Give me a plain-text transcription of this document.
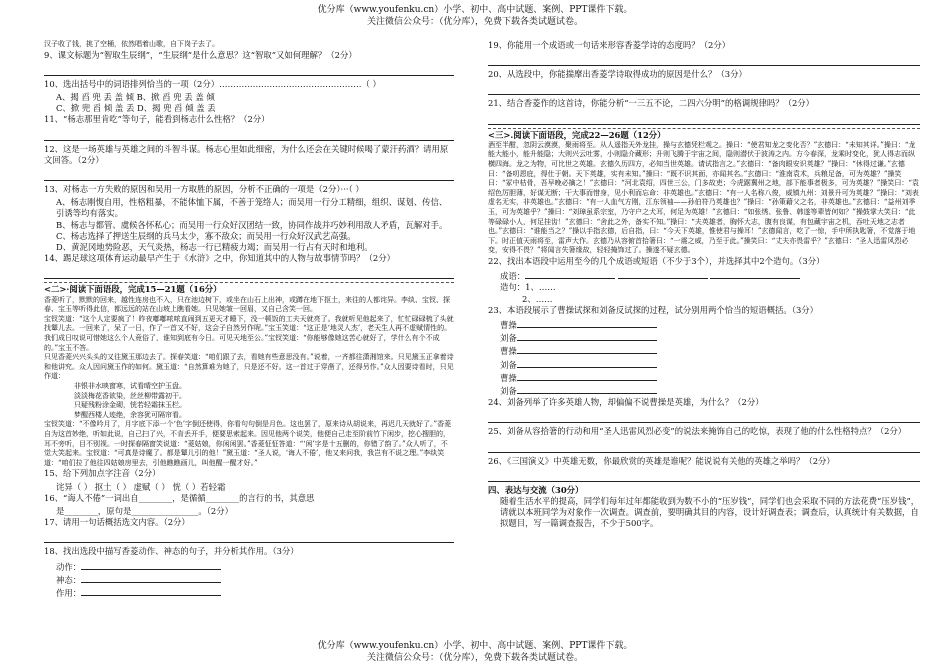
优分库（www.youfenku.cn）小学、初中、高中试题、案例、PPT课件下载。

关注微信公众号：（优分库），免费下载各类试题试卷。

汉子收了钱，挑了空桶，依然唱着山歌，自下岗子去了。

9、课文标题为“智取生辰纲”，“生辰纲”是什么意思？这“智取”又如何理解？（2分）

10、选出括号中的词语排列恰当的一项（2分）……………………………………………（ ）

A、揭 舀 兜 丢 盖 倾 B、掀 舀 兜 丢 盖 倾

C、掀 兜 舀 倾 盖 丢 D、揭 兜 舀 倾 盖 丢

11、“杨志那里肯吃”等句子，能看到杨志什么性格？（2分）

12、这是一场英雄与英雄之间的斗智斗谋。杨志心里如此细密，为什么还会在关键时候喝了蒙汗药酒？请用原文回答。（2分）

13、对杨志一方失败的原因和吴用一方取胜的原因，分析不正确的一项是（2分）···（ ）

A、杨志刚愎自用，性格粗暴，不能体恤下属，不善于笼络人；而吴用一行分工精细，组织、谋划、传信、引诱等均有落实。

B、杨志与都管、虞候各怀私心；而吴用一行众好汉团结一致，协同作战并巧妙利用敌人矛盾，瓦解对手。

C、杨志选择了押送生辰纲的兵马太少，寡不敌众；而吴用一行众好汉武艺高强。

D、黄泥冈地势险恶，天气炎热，杨志一行已精疲力竭；而吴用一行占有天时和地利。

14、踢足球这项体育运动最早产生于《水浒》之中，你知道其中的人物与故事情节吗？（2分）

<二>·阅读下面语段，完成15—21题（16分）

香菱听了，默默的回来，越性连房也不入，只在池边树下，或坐在山石上出神，或蹲在地下抠土，来往的人都诧异。李纨、宝钗、探春、宝玉等听得此信，都远远的站在山坡上瞧看她。只见她皱一回眉，又自己含笑一回。

宝钗笑道：“这个人定要疯了！昨夜嘟嘟哝哝直闹到五更天才睡下，没一顿饭的工夫天就亮了。我就听见他起来了，忙忙碌碌梳了头就找颦儿去。一回来了，呆了一日，作了一首又不好，这会子自然另作呢。”宝玉笑道：“这正是‘地灵人杰’，老天生人再不虚赋情性的。我们成日叹说可惜她这么个人竟俗了，谁知到底有今日。可见天地至公。”宝钗笑道：“你能够像她这苦心就好了，学什么有个不成的。”宝玉不答。

只见香菱兴兴头头的又往黛玉那边去了。探春笑道：“咱们跟了去，看她有些意思没有。”说着，一齐都往潇湘馆来。只见黛玉正拿着诗和他讲究。众人因问黛玉作的如何。黛玉道：“自然算难为她了，只是还不好。这一首过于穿凿了，还得另作。”众人因要诗看时，只见作道：

非银非水映窗寒，试看晴空护玉盘。

淡淡梅花香欲染，丝丝柳带露初干。

只疑残粉涂金砌，恍若轻霜抹玉栏。

梦醒西楼人迹绝，余容犹可隔帘看。

宝钗笑道：“不像吟月了，月字底下添一个‘色’字倒还使得，你看句句倒是月色。这也罢了，原来诗从胡说来，再迟几天就好了。”香菱自为这首妙绝，听如此说，自己扫了兴，不肯丢开手，便要思索起来。因见他两个说笑，他便自己走至阶前竹下闲步，挖心搜胆的，耳不旁听，目不别视。一时探春隔窗笑说道：“菱姑娘，你闲闲罢。”香菱怔怔答道：“‘闲’字是十五删的，你错了韵了。”众人听了，不觉大笑起来。宝钗道：“可真是诗魔了。都是颦儿引的他！”黛玉道：“圣人说，‘诲人不倦’，他又来问我，我岂有不说之理。”李纨笑道：“咱们拉了他往四姑娘房里去，引他瞧瞧画儿，叫他醒一醒才好。”

15、给下列加点字注音（2分）

诧异（ ） 抠土（ ） 虚赋（ ） 恍（ ）若轻霜

16、“诲人不倦”一词出自________，是循循________的言行的书，其意思

是________，原句是________________。（2分）

17、请用一句话概括选文内容。（2分）

18、找出选段中描写香菱动作、神态的句子，并分析其作用。（3分）

动作：

神态：

作用：

19、你能用一个成语或一句话来形容香菱学诗的态度吗？（2分）

20、从选段中，你能揣摩出香菱学诗取得成功的原因是什么？（3分）

21、结合香菱作的这首诗，你能分析“一三五不论，二四六分明”的格调规律吗？（2分）

<三>.阅读下面语段，完成22—26题（12分）

酒至半酣，忽阴云漠漠，聚雨将至。从人遥指天外龙挂，操与玄德凭栏观之。操曰：“使君知龙之变化否？”玄德曰：“未知其详。”操曰：“龙能大能小，能升能隐；大则兴云吐雾，小则隐介藏形；升则飞腾于宇宙之间，隐则潜伏于波涛之内。方今春深，龙乘时变化，犹人得志而纵横四海。龙之为物，可比世之英雄。玄德久历四方，必知当世英雄。请试指言之。”玄德曰：“备肉眼安识英雄？”操曰：“休得过谦。”玄德曰：“备叨恩庇，得仕于朝。天下英雄，实有未知。”操曰：“既不识其面，亦闻其名。”玄德曰：“淮南袁术，兵粮足备，可为英雄？”操笑曰：“冢中枯骨，吾早晚必擒之！”玄德曰：“河北袁绍，四世三公，门多故吏；今虎踞冀州之地，部下能事者极多，可为英雄？”操笑曰：“袁绍色厉胆薄，好谋无断；干大事而惜身，见小利而忘命：非英雄也。”玄德曰：“有一人名称八俊，威镇九州：刘景升可为英雄？”操曰：“刘表虚名无实，非英雄也。”玄德曰：“有一人血气方刚，江东领袖——孙伯符乃英雄也？”操曰：“孙策藉父之名，非英雄也。”玄德曰：“益州刘季玉，可为英雄乎？”操曰：“刘璋虽系宗室，乃守户之犬耳，何足为英雄！”玄德曰：“如张绣、张鲁、韩遂等辈皆何如？”操鼓掌大笑曰：“此等碌碌小人，何足挂齿！”玄德曰：“舍此之外，备实不知。”操曰：“夫英雄者，胸怀大志，腹有良谋，有包藏宇宙之机，吞吐天地之志者也。”玄德曰：“谁能当之？”操以手指玄德，后自指，曰：“今天下英雄，惟使君与操耳！”玄德闻言，吃了一惊，手中所执匙箸，不觉落于地下。时正值天雨将至，雷声大作。玄德乃从容俯首拾箸曰：“一震之威，乃至于此。”操笑曰：“丈夫亦畏雷乎？”玄德曰：“圣人迅雷风烈必变，安得不畏？”将闻言失箸缘故，轻轻掩饰过了。操遂不疑玄德。

22、找出本语段中运用至今的几个成语或短语（不少于3个），并选择其中2个造句。（3分）

成语：

造句：1、……

2、……

23、本语段展示了曹操试探和刘备反试探的过程，试分别用两个恰当的短语概括。（3分）

曹操

刘备

曹操

刘备

曹操

刘备

24、刘备列举了许多英雄人物，却偏偏不说曹操是英雄，为什么？（2分）

25、刘备从容拾箸的行动和用“圣人迅雷风烈必变”的说法来掩饰自己的吃惊，表现了他的什么性格特点？（2分）

26、《三国演义》中英雄无数，你最欣赏的英雄是谁呢？能说说有关他的英雄之举吗？（2分）

四、表达与交流（30分）

随着生活水平的提高，同学们每年过年都能收到为数不小的“压岁钱”，同学们也会采取不同的方法花费“压岁钱”，请就以本班同学为对象作一次调查。调查前，要明确其目的内容，设计好调查表；调查后，认真统计有关数据，自拟题目，写一篇调查报告，不少于500字。

优分库（www.youfenku.cn）小学、初中、高中试题、案例、PPT课件下载。

关注微信公众号：（优分库），免费下载各类试题试卷。
